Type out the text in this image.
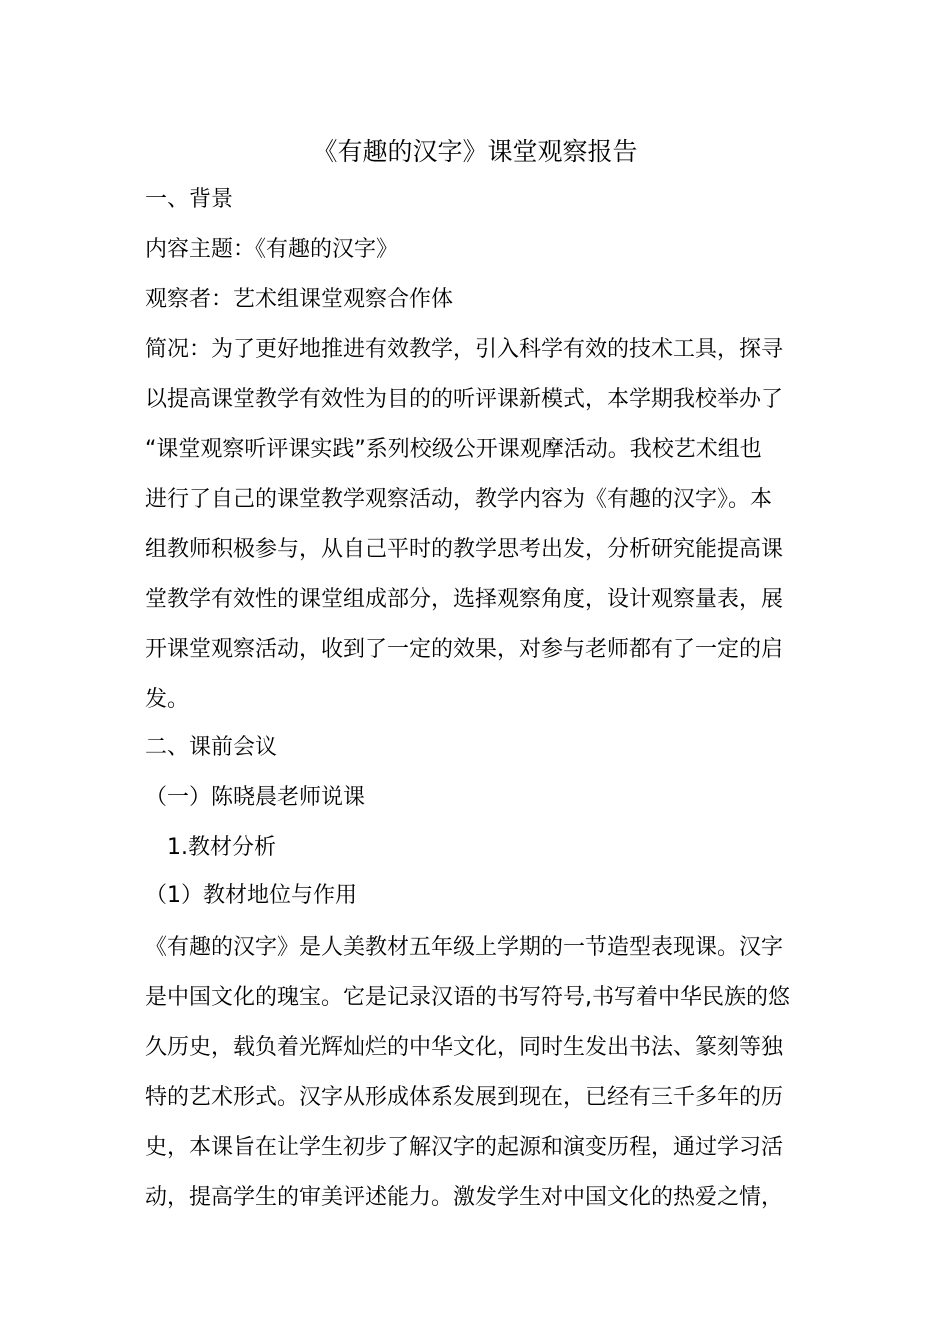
《有趣的汉字》课堂观察报告

一、背景

内容主题：《有趣的汉字》

观察者：艺术组课堂观察合作体

简况：为了更好地推进有效教学，引入科学有效的技术工具，探寻

以提高课堂教学有效性为目的的听评课新模式，本学期我校举办了

“课堂观察听评课实践”系列校级公开课观摩活动。我校艺术组也

进行了自己的课堂教学观察活动，教学内容为《有趣的汉字》。本

组教师积极参与，从自己平时的教学思考出发，分析研究能提高课

堂教学有效性的课堂组成部分，选择观察角度，设计观察量表，展

开课堂观察活动，收到了一定的效果，对参与老师都有了一定的启

发。

二、课前会议

（一）陈晓晨老师说课

1.教材分析

（1）教材地位与作用

《有趣的汉字》是人美教材五年级上学期的一节造型表现课。汉字

是中国文化的瑰宝。它是记录汉语的书写符号,书写着中华民族的悠

久历史，载负着光辉灿烂的中华文化，同时生发出书法、篆刻等独

特的艺术形式。汉字从形成体系发展到现在，已经有三千多年的历

史，本课旨在让学生初步了解汉字的起源和演变历程，通过学习活

动，提高学生的审美评述能力。激发学生对中国文化的热爱之情，
